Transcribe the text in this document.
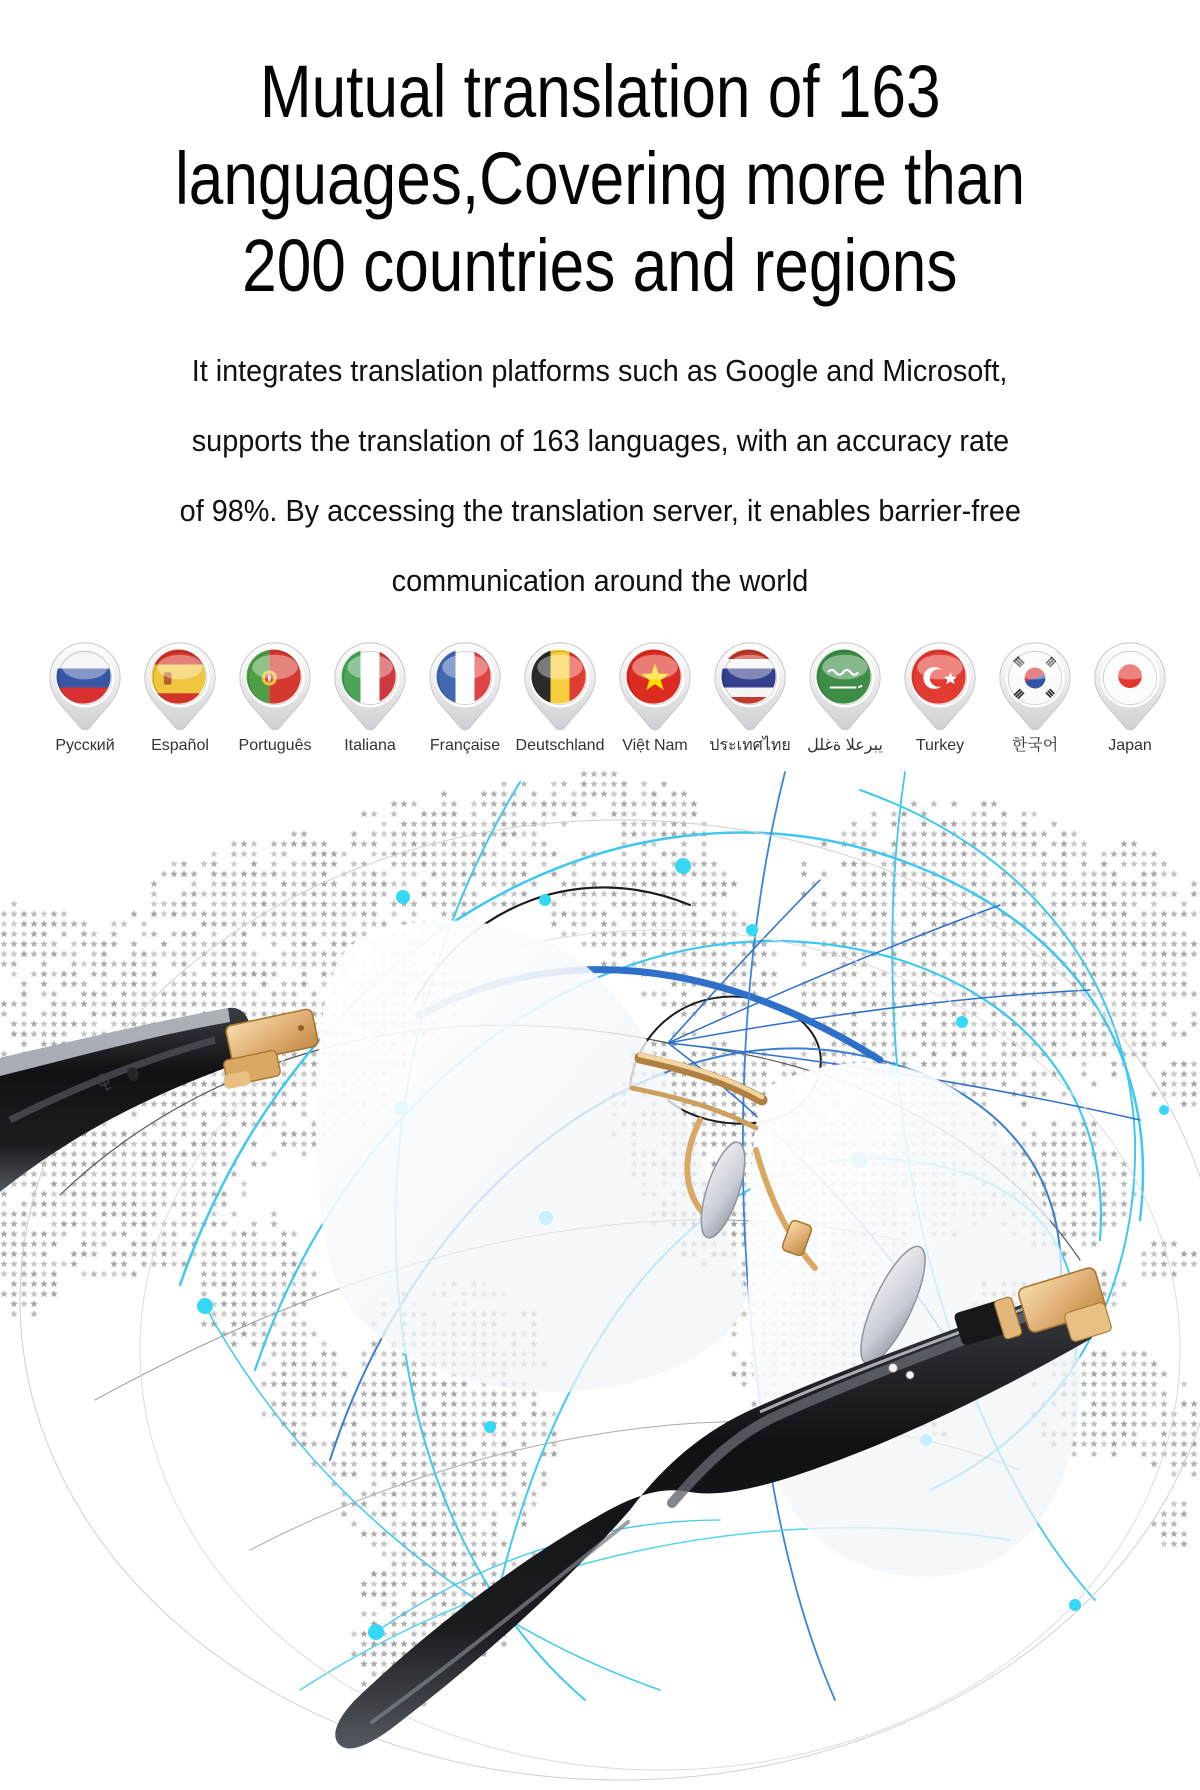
Mutual translation of 163
languages,Covering more than
200 countries and regions
It integrates translation platforms such as Google and Microsoft,
supports the translation of 163 languages, with an accuracy rate
of 98%. By accessing the translation server, it enables barrier-free
communication around the world
Русский	Español	Português	Italiana	Française Deutschland	Việt Nam	ประเทศไทย	يبرعلا ةغلل	Turkey	한국어	Japan
